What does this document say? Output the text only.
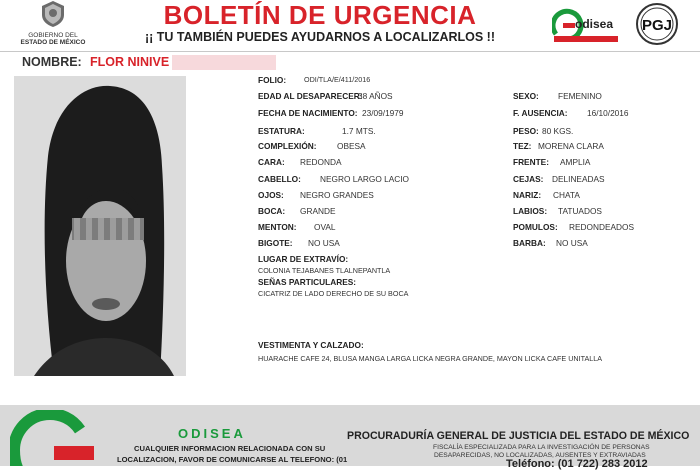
GOBIERNO DEL
ESTADO DE MÉXICO
BOLETÍN DE URGENCIA
¡¡ TU TAMBIÉN PUEDES AYUDARNOS A LOCALIZARLOS !!
odisea PGJ
NOMBRE: FLOR NINIVE
FOLIO: ODI/TLA/E/411/2016
EDAD AL DESAPARECER:
38 AÑOS
FECHA DE NACIMIENTO: 23/09/1979
ESTATURA:	1.7 MTS.
COMPLEXIÓN: OBESA
CARA: REDONDA
CABELLO: NEGRO LARGO LACIO
OJOS: NEGRO GRANDES
BOCA: GRANDE
MENTON: OVAL
BIGOTE: NO USA
SEXO: FEMENINO
F. AUSENCIA: 16/10/2016
PESO: 80 KGS.
TEZ: MORENA CLARA
FRENTE: AMPLIA
CEJAS: DELINEADAS
NARIZ: CHATA
LABIOS: TATUADOS
POMULOS: REDONDEADOS
BARBA: NO USA
LUGAR DE EXTRAVÍO:
COLONIA TEJABANES TLALNEPANTLA
SEÑAS PARTICULARES:
CICATRIZ DE LADO DERECHO DE SU BOCA
VESTIMENTA Y CALZADO:
HUARACHE CAFE 24, BLUSA MANGA LARGA LICKA NEGRA GRANDE, MAYON LICKA CAFE UNITALLA
ODISEA
CUALQUIER INFORMACION RELACIONADA CON SU
LOCALIZACION, FAVOR DE COMUNICARSE AL TELEFONO: (01
PROCURADURÍA GENERAL DE JUSTICIA DEL ESTADO DE MÉXICO
FISCALÍA ESPECIALIZADA PARA LA INVESTIGACIÓN DE PERSONAS
DESAPARECIDAS, NO LOCALIZADAS, AUSENTES Y EXTRAVIADAS
Teléfono: (01 722) 283 2012
